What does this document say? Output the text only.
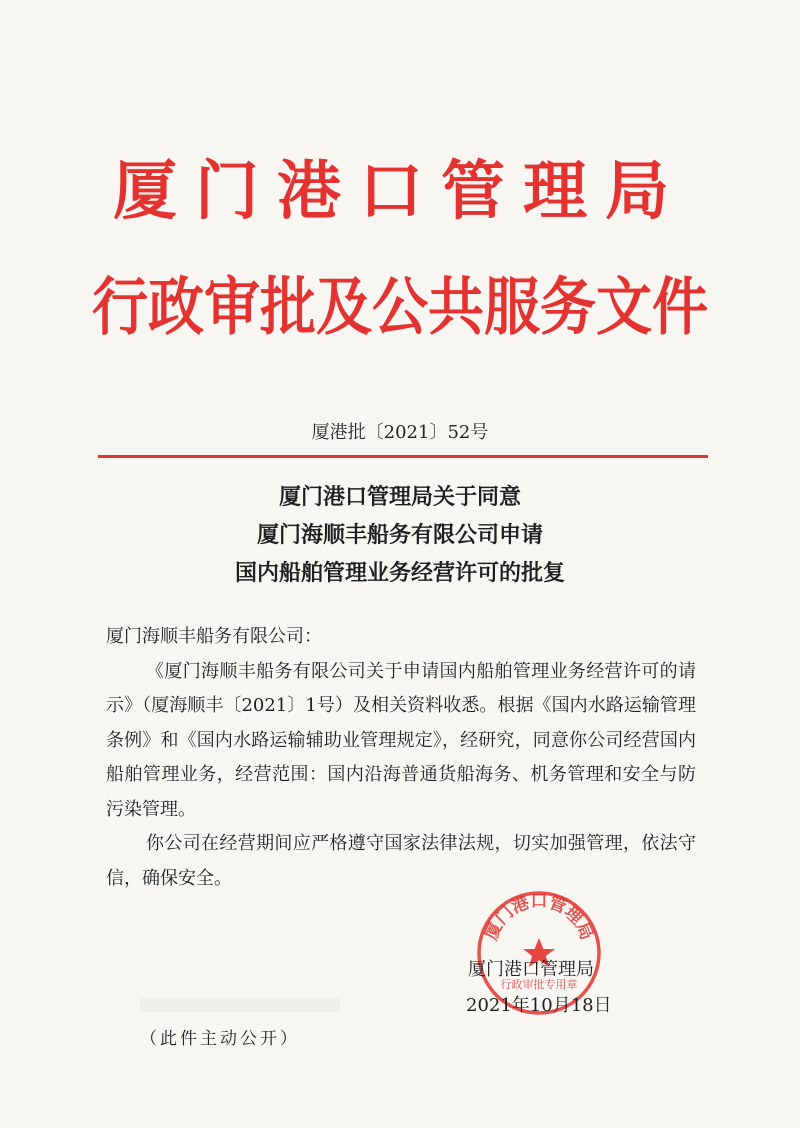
厦门港口管理局
行政审批及公共服务文件
厦港批〔2021〕52号
厦门港口管理局关于同意
厦门海顺丰船务有限公司申请
国内船舶管理业务经营许可的批复

厦门海顺丰船务有限公司：

《厦门海顺丰船务有限公司关于申请国内船舶管理业务经营许可的请示》（厦海顺丰〔2021〕1号）及相关资料收悉。根据《国内水路运输管理条例》和《国内水路运输辅助业管理规定》，经研究，同意你公司经营国内船舶管理业务，经营范围：国内沿海普通货船海务、机务管理和安全与防污染管理。

你公司在经营期间应严格遵守国家法律法规，切实加强管理，依法守信，确保安全。

厦门港口管理局
行政审批专用章
厦门港口管理局
2021年10月18日
（此件主动公开）
